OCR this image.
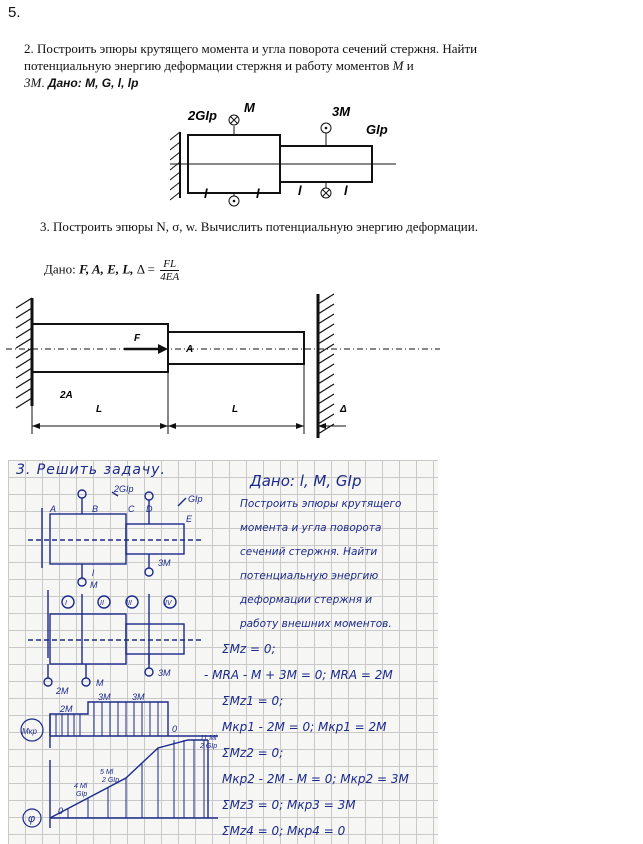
5.
2. Построить эпюры крутящего момента и угла поворота сечений стержня. Найти потенциальную энергию деформации стержня и работу моментов M и
3M. Дано: M, G, l, lp
2GIp
M	3M
GIp
l	l	l	l
3. Построить эпюры N, σ, w. Вычислить потенциальную энергию деформации.
Дано: F, A, E, L, $\Delta = \frac{FL}{4EA}$
F
A
2A
L	L	Δ
3. Решить задачу.
Дано: l, M, GIp
Построить эпюры крутящего
момента и угла поворота
сечений стержня. Найти
потенциальную энергию
деформации стержня и
работу внешних моментов.
ΣMz = 0;
- MRA - M + 3M = 0; MRA = 2M
ΣMz1 = 0;
Mкр1 - 2M = 0; Mкр1 = 2M
ΣMz2 = 0;
Mкр2 - 2M - M = 0; Mкр2 = 3M
ΣMz3 = 0; Mкр3 = 3M
ΣMz4 = 0; Mкр4 = 0
A	B	C D
E
2GIp
GIp
l
3M
M
I	II	III	IV
3M
M
2M
2M
3M 3M
Mкр	0
11 Ml
2 GIp
5 Ml
2 GIp
4 Ml
GIp
φ
0
